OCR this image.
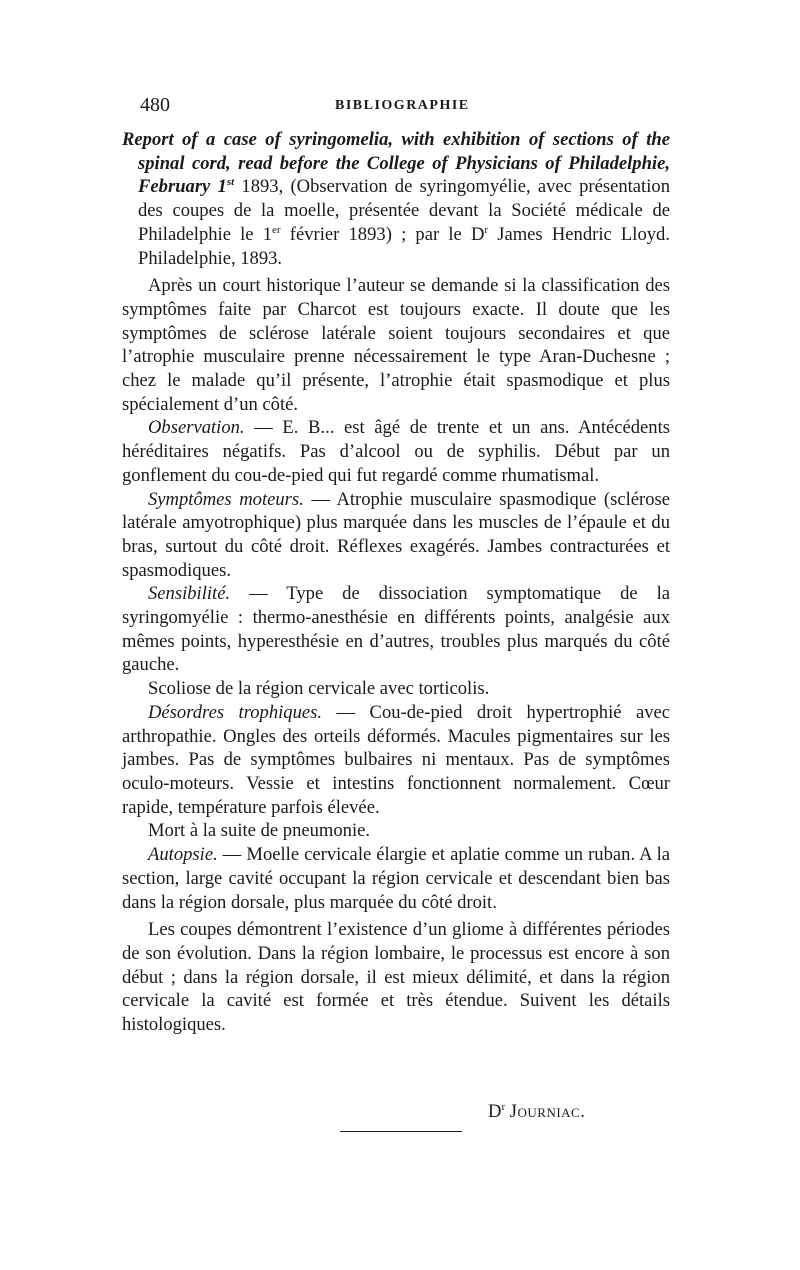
480	BIBLIOGRAPHIE

Report of a case of syringomelia, with exhibition of sections of the spinal cord, read before the College of Physicians of Philadelphie, February 1st 1893, (Observation de syringomyélie, avec présentation des coupes de la moelle, présentée devant la Société médicale de Philadelphie le 1er février 1893) ; par le $D^r$ James Hendric Lloyd. Philadelphie, 1893.

Après un court historique l’auteur se demande si la classification des symptômes faite par Charcot est toujours exacte. Il doute que les symptômes de sclérose latérale soient toujours secondaires et que l’atrophie musculaire prenne nécessairement le type Aran-Duchesne ; chez le malade qu’il présente, l’atrophie était spasmodique et plus spécialement d’un côté.

Observation. — E. B... est âgé de trente et un ans. Antécédents héréditaires négatifs. Pas d’alcool ou de syphilis. Début par un gonflement du cou-de-pied qui fut regardé comme rhumatismal.

Symptômes moteurs. — Atrophie musculaire spasmodique (sclérose latérale amyotrophique) plus marquée dans les muscles de l’épaule et du bras, surtout du côté droit. Réflexes exagérés. Jambes contracturées et spasmodiques.

Sensibilité. — Type de dissociation symptomatique de la syringomyélie : thermo-anesthésie en différents points, analgésie aux mêmes points, hyperesthésie en d’autres, troubles plus marqués du côté gauche.

Scoliose de la région cervicale avec torticolis.

Désordres trophiques. — Cou-de-pied droit hypertrophié avec arthropathie. Ongles des orteils déformés. Macules pigmentaires sur les jambes. Pas de symptômes bulbaires ni mentaux. Pas de symptômes oculo-moteurs. Vessie et intestins fonctionnent normalement. Cœur rapide, température parfois élevée.

Mort à la suite de pneumonie.

Autopsie. — Moelle cervicale élargie et aplatie comme un ruban. A la section, large cavité occupant la région cervicale et descendant bien bas dans la région dorsale, plus marquée du côté droit.

Les coupes démontrent l’existence d’un gliome à différentes périodes de son évolution. Dans la région lombaire, le processus est encore à son début ; dans la région dorsale, il est mieux délimité, et dans la région cervicale la cavité est formée et très étendue. Suivent les détails histologiques.

$D^r$ Journiac.
